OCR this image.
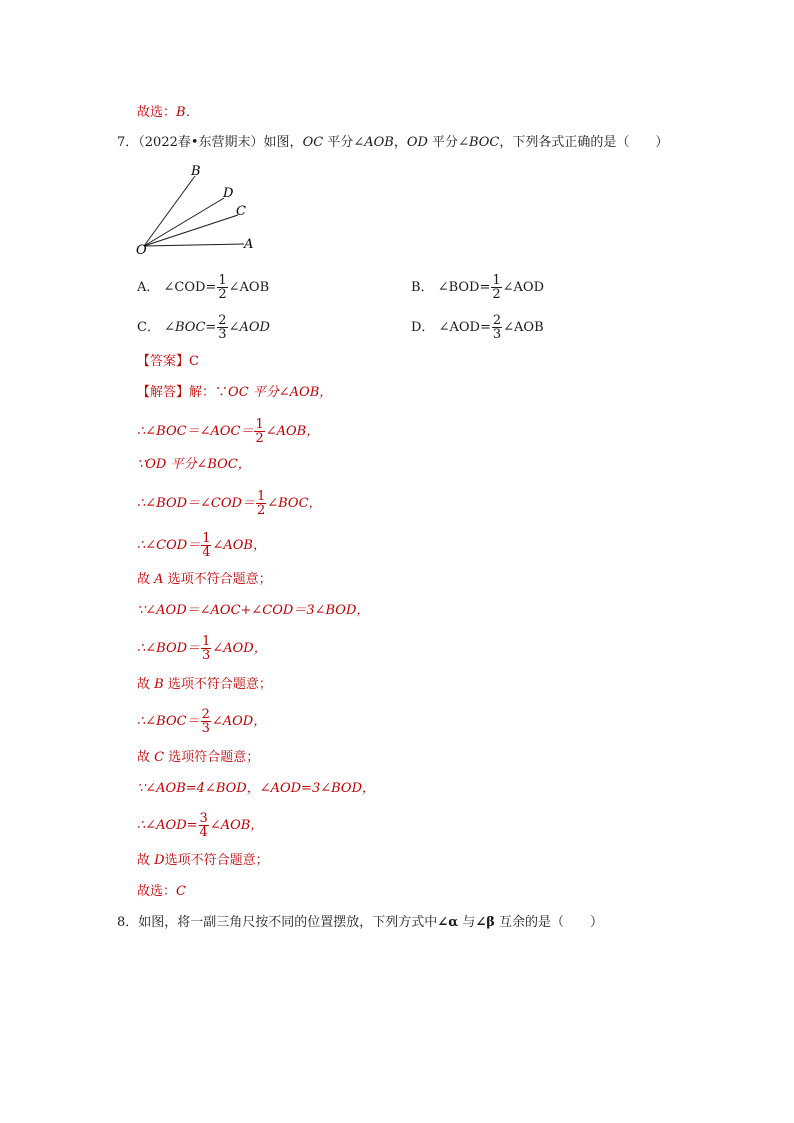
故选：B．
7．（2022春•东营期末）如图，OC 平分∠AOB，OD 平分∠BOC，下列各式正确的是（ ）
B
D
C
O	A
A． ∠COD= $\frac{1}{2}$ ∠AOB	B． ∠BOD= $\frac{1}{2}$ ∠AOD
C． ∠BOC= $\frac{2}{3}$ ∠AOD	D． ∠AOD= $\frac{2}{3}$ ∠AOB
【答案】C
【解答】解：∵OC 平分∠AOB，
∴∠BOC＝∠AOC＝ $\frac{1}{2}$ ∠AOB，
∵OD 平分∠BOC，
∴∠BOD＝∠COD＝ $\frac{1}{2}$ ∠BOC，
∴∠COD＝ $\frac{1}{4}$ ∠AOB，
故 A 选项不符合题意；
∵∠AOD＝∠AOC+∠COD＝3∠BOD，
∴∠BOD＝ $\frac{1}{3}$ ∠AOD，
故 B 选项不符合题意；
∴∠BOC＝ $\frac{2}{3}$ ∠AOD，
故 C 选项符合题意；
∵∠AOB=4∠BOD，∠AOD=3∠BOD，
∴∠AOD= $\frac{3}{4}$ ∠AOB，
故 D选项不符合题意；
故选：C
8．如图，将一副三角尺按不同的位置摆放，下列方式中∠α 与∠β 互余的是（ ）
